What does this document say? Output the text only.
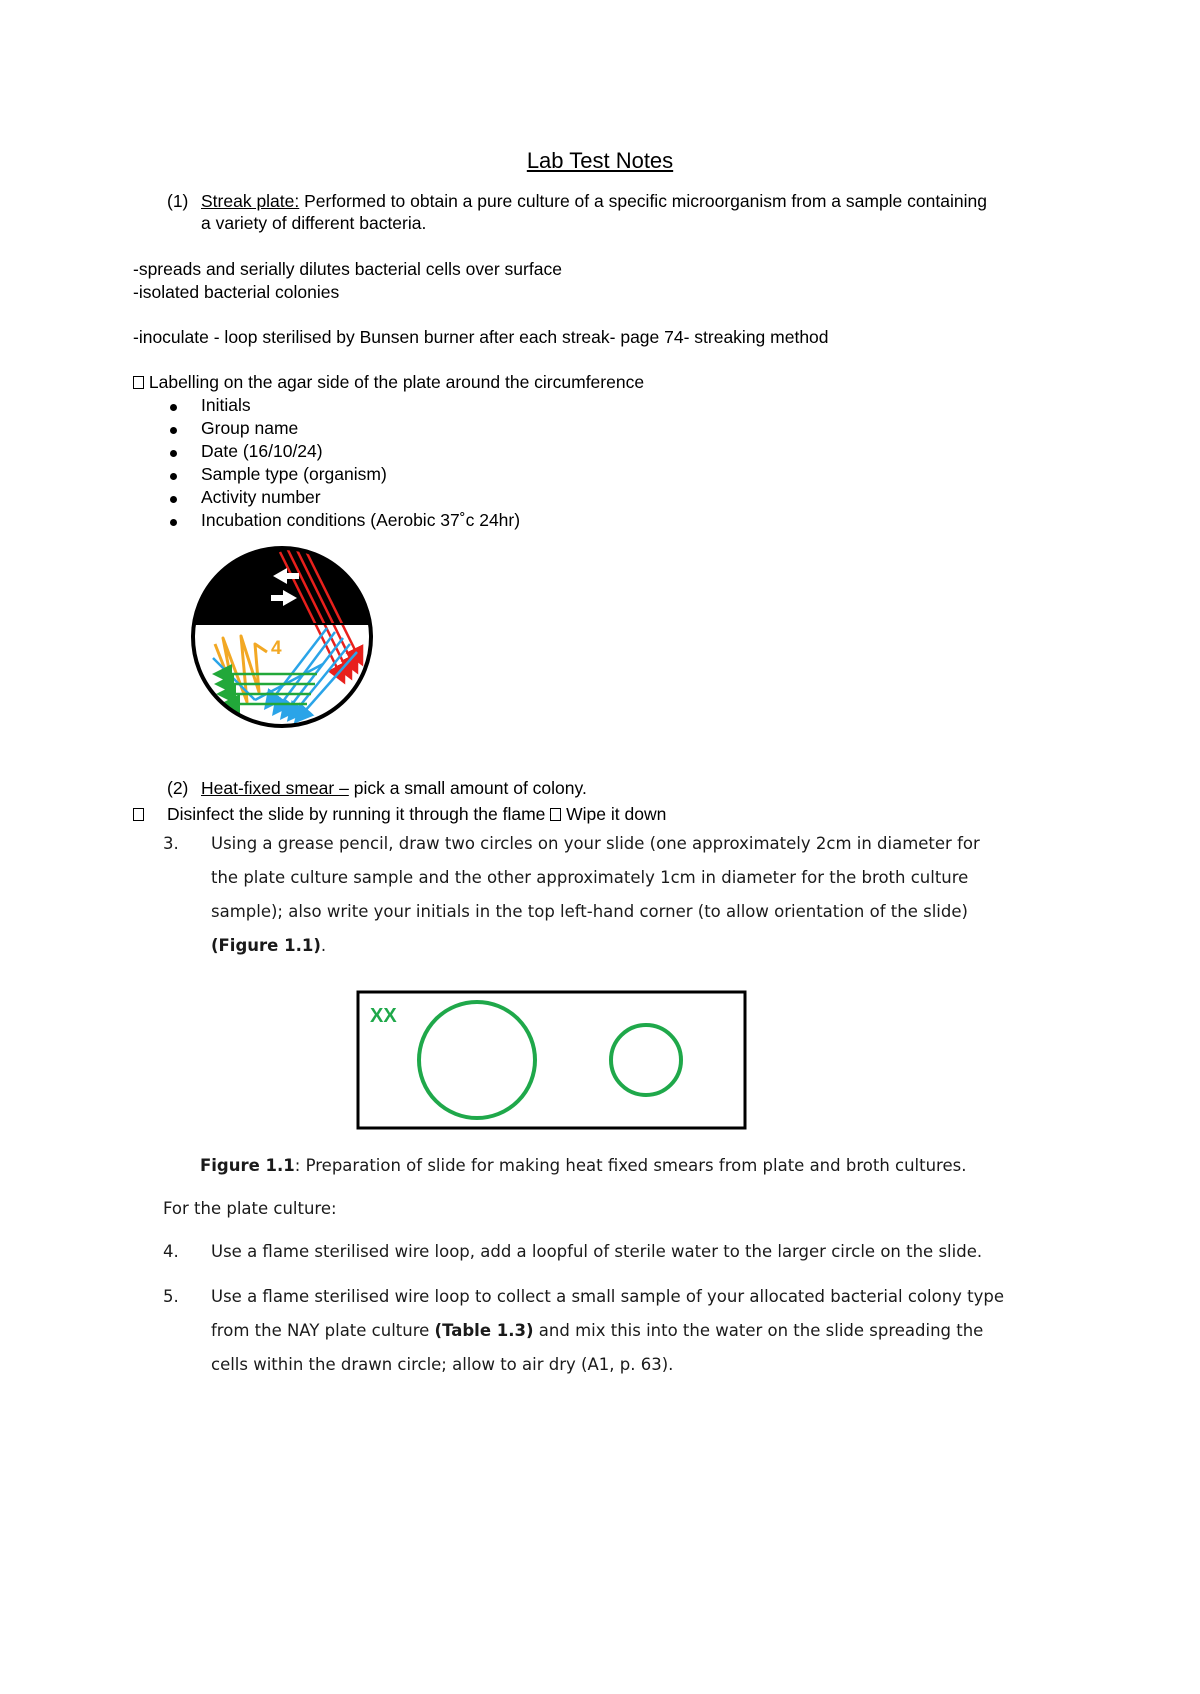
Lab Test Notes
(1) Streak plate: Performed to obtain a pure culture of a specific microorganism from a sample containing
a variety of different bacteria.
-spreads and serially dilutes bacterial cells over surface
-isolated bacterial colonies
-inoculate - loop sterilised by Bunsen burner after each streak- page 74- streaking method
Labelling on the agar side of the plate around the circumference
Initials
Group name
Date (16/10/24)
Sample type (organism)
Activity number
Incubation conditions (Aerobic 37˚c 24hr)
4
(2) Heat-fixed smear – pick a small amount of colony.
Disinfect the slide by running it through the flame Wipe it down
3. Using a grease pencil, draw two circles on your slide (one approximately 2cm in diameter for
the plate culture sample and the other approximately 1cm in diameter for the broth culture
sample); also write your initials in the top left-hand corner (to allow orientation of the slide)
(Figure 1.1).
XX
Figure 1.1: Preparation of slide for making heat fixed smears from plate and broth cultures.
For the plate culture:
4. Use a flame sterilised wire loop, add a loopful of sterile water to the larger circle on the slide.
5. Use a flame sterilised wire loop to collect a small sample of your allocated bacterial colony type
from the NAY plate culture (Table 1.3) and mix this into the water on the slide spreading the
cells within the drawn circle; allow to air dry (A1, p. 63).
